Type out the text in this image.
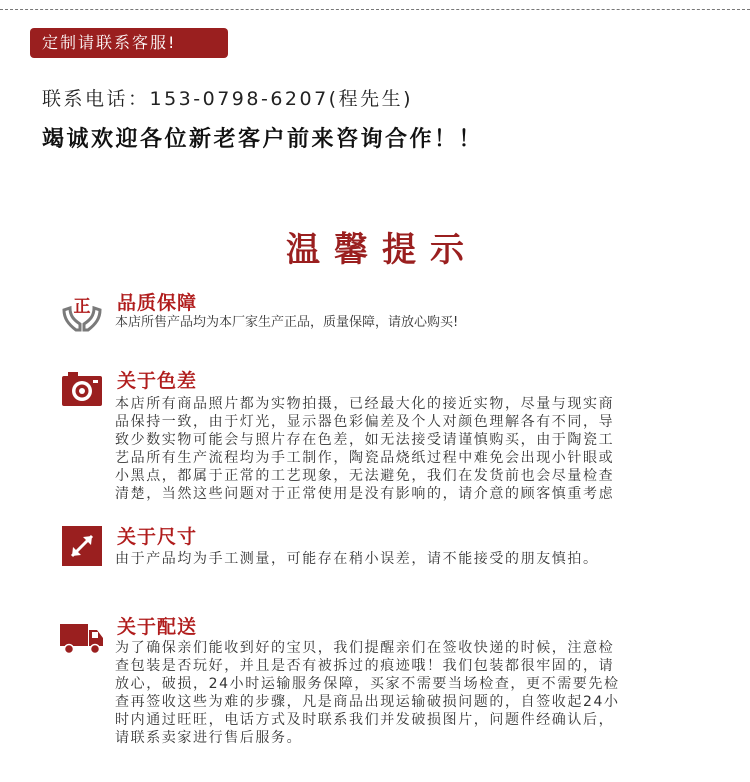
定制请联系客服!
联系电话：153-0798-6207(程先生)
竭诚欢迎各位新老客户前来咨询合作！！
温馨提示
正 品质保障
本店所售产品均为本厂家生产正品，质量保障，请放心购买!
关于色差
本店所有商品照片都为实物拍摄，已经最大化的接近实物，尽量与现实商
品保持一致，由于灯光，显示器色彩偏差及个人对颜色理解各有不同，导
致少数实物可能会与照片存在色差，如无法接受请谨慎购买，由于陶瓷工
艺品所有生产流程均为手工制作，陶瓷品烧纸过程中难免会出现小针眼或
小黑点，都属于正常的工艺现象，无法避免，我们在发货前也会尽量检查
清楚，当然这些问题对于正常使用是没有影响的，请介意的顾客慎重考虑
关于尺寸
由于产品均为手工测量，可能存在稍小误差，请不能接受的朋友慎拍。
关于配送
为了确保亲们能收到好的宝贝，我们提醒亲们在签收快递的时候，注意检
查包装是否玩好，并且是否有被拆过的痕迹哦！我们包装都很牢固的，请
放心，破损，24小时运输服务保障，买家不需要当场检查，更不需要先检
查再签收这些为难的步骤，凡是商品出现运输破损问题的，自签收起24小
时内通过旺旺，电话方式及时联系我们并发破损图片，问题件经确认后，
请联系卖家进行售后服务。
